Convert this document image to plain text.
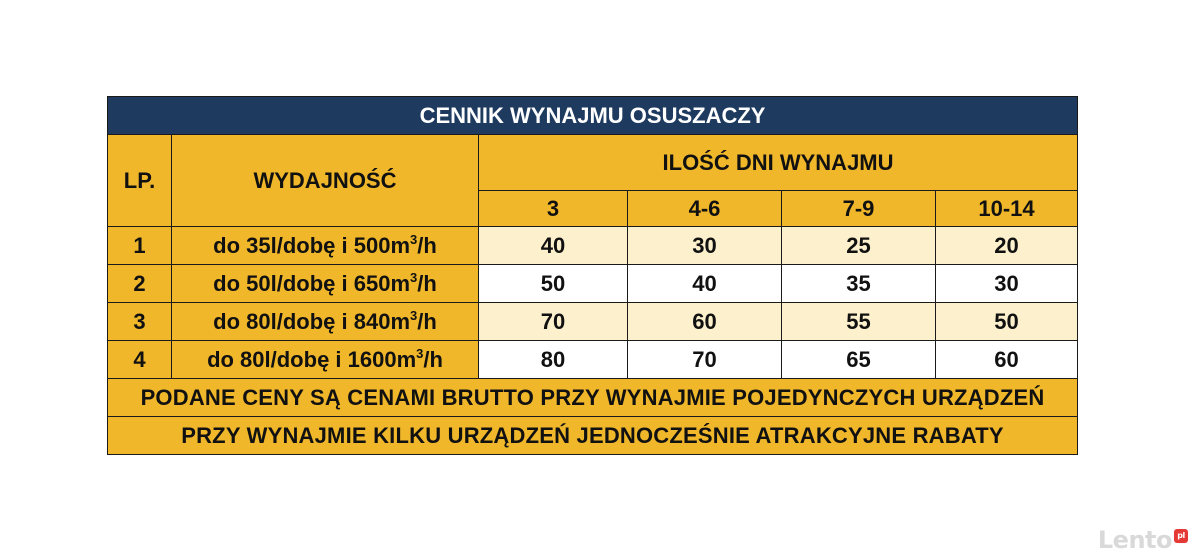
CENNIK WYNAJMU OSUSZACZY					
LP.	WYDAJNOŚĆ	ILOŚĆ DNI WYNAJMU			
		3	4-6	7-9	10-14
1	do 35l/dobę i $500m^3/h$	40	30	25	20
2	do 50l/dobę i $650m^3/h$	50	40	35	30
3	do 80l/dobę i $840m^3/h$	70	60	55	50
4	do 80l/dobę i $1600m^3/h$	80	70	65	60
PODANE CENY SĄ CENAMI BRUTTO PRZY WYNAJMIE POJEDYNCZYCH URZĄDZEŃ					
PRZY WYNAJMIE KILKU URZĄDZEŃ JEDNOCZEŚNIE ATRAKCYJNE RABATY					
Lento pl
